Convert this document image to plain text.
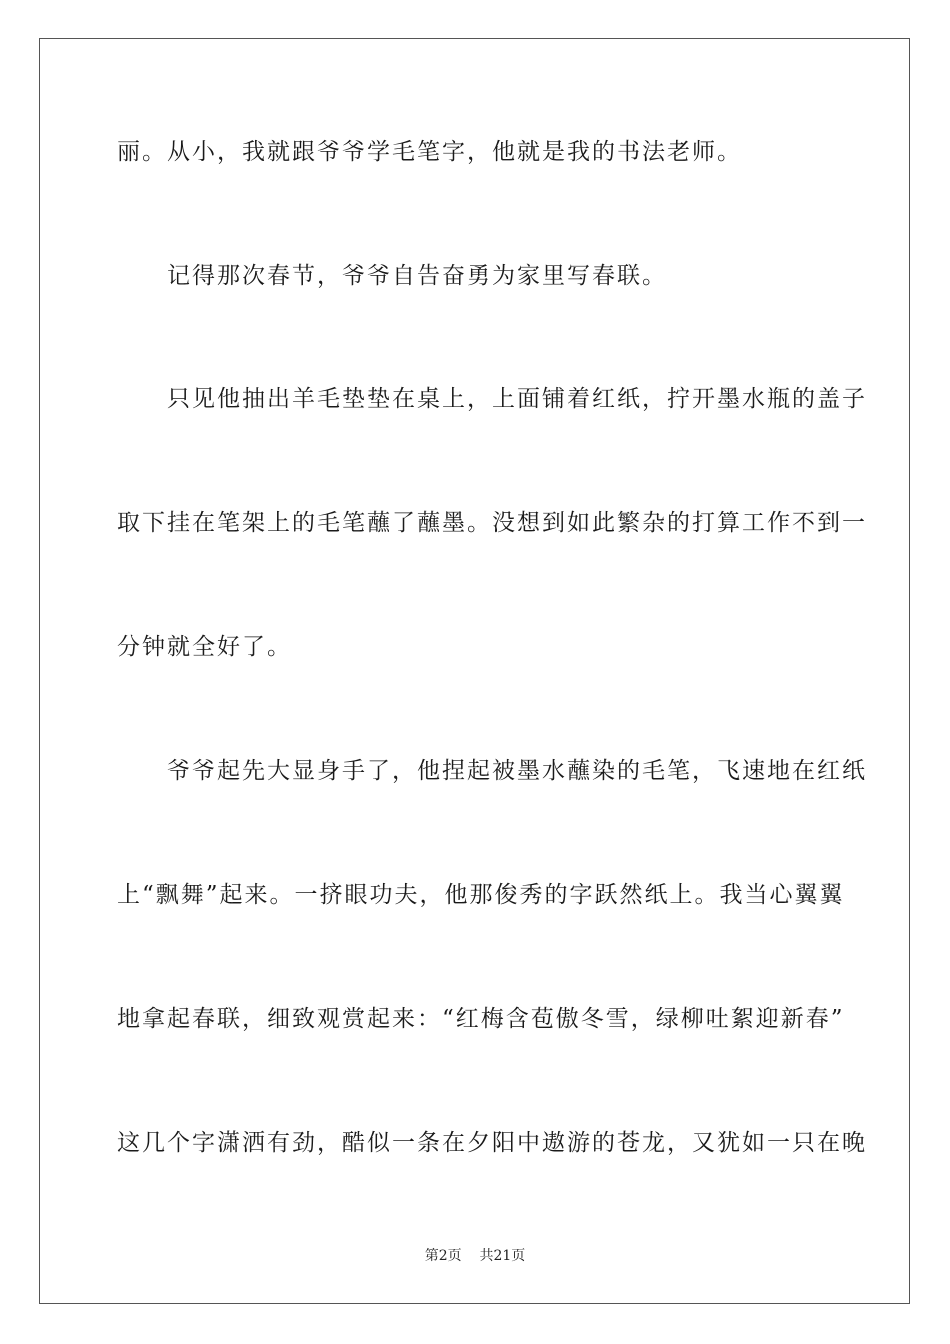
丽。从小，我就跟爷爷学毛笔字，他就是我的书法老师。
　　记得那次春节，爷爷自告奋勇为家里写春联。
　　只见他抽出羊毛垫垫在桌上，上面铺着红纸，拧开墨水瓶的盖子
取下挂在笔架上的毛笔蘸了蘸墨。没想到如此繁杂的打算工作不到一
分钟就全好了。
　　爷爷起先大显身手了，他捏起被墨水蘸染的毛笔，飞速地在红纸
上“飘舞”起来。一挤眼功夫，他那俊秀的字跃然纸上。我当心翼翼
地拿起春联，细致观赏起来：“红梅含苞傲冬雪，绿柳吐絮迎新春”
这几个字潇洒有劲，酷似一条在夕阳中遨游的苍龙，又犹如一只在晚
第2页 共21页
